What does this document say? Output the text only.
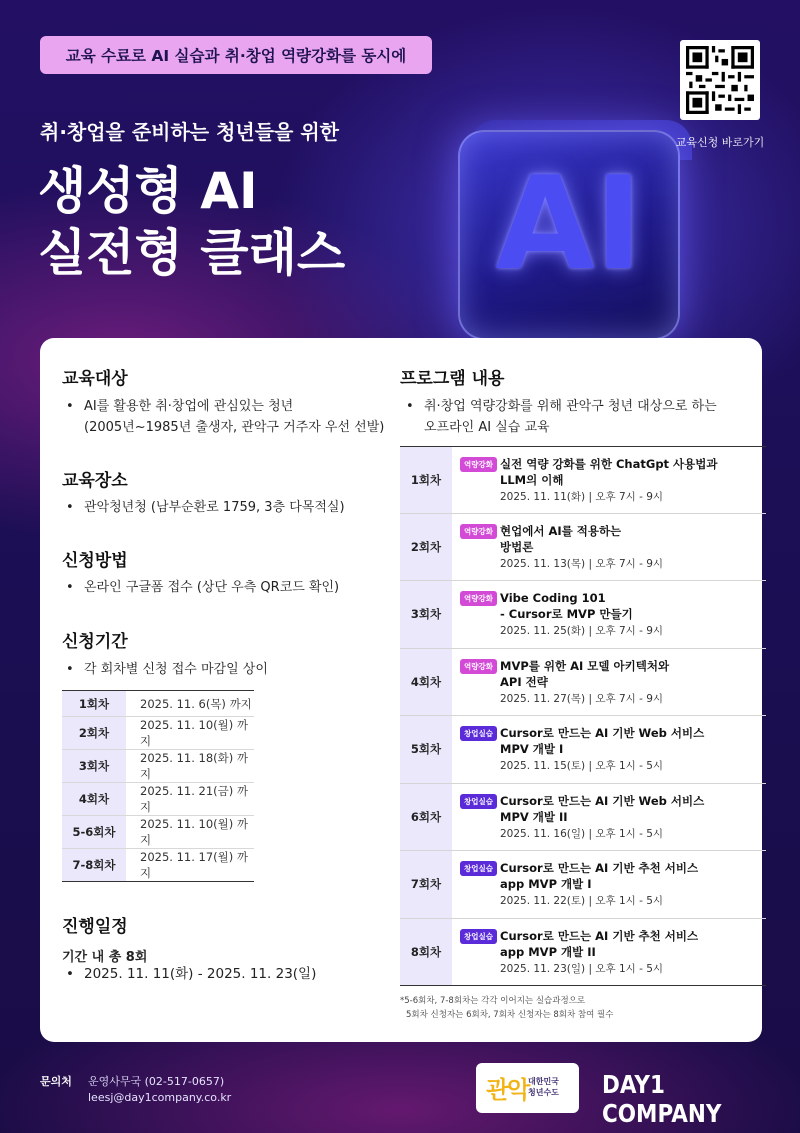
교육 수료로 AI 실습과 취·창업 역량강화를 동시에
취·창업을 준비하는 청년들을 위한
생성형 AI
실전형 클래스 AI
교육신청 바로가기
교육대상
• AI를 활용한 취·창업에 관심있는 청년
(2005년~1985년 출생자, 관악구 거주자 우선 선발)
교육장소
• 관악청년청 (남부순환로 1759, 3층 다목적실)
신청방법
• 온라인 구글폼 접수 (상단 우측 QR코드 확인)
신청기간
• 각 회차별 신청 접수 마감일 상이
1회차	2025. 11. 6(목) 까지
2회차	2025. 11. 10(월) 까지
3회차	2025. 11. 18(화) 까지
4회차	2025. 11. 21(금) 까지
5-6회차	2025. 11. 10(월) 까지
7-8회차	2025. 11. 17(월) 까지
진행일정
기간 내 총 8회
• 2025. 11. 11(화) - 2025. 11. 23(일)
프로그램 내용
• 취·창업 역량강화를 위해 관악구 청년 대상으로 하는
오프라인 AI 실습 교육
1회차
역량강화 실전 역량 강화를 위한 ChatGpt 사용법과
LLM의 이해
2025. 11. 11(화) | 오후 7시 - 9시
2회차
역량강화 현업에서 AI를 적용하는
방법론
2025. 11. 13(목) | 오후 7시 - 9시
3회차
역량강화 Vibe Coding 101
- Cursor로 MVP 만들기
2025. 11. 25(화) | 오후 7시 - 9시
4회차
역량강화 MVP를 위한 AI 모델 아키텍처와
API 전략
2025. 11. 27(목) | 오후 7시 - 9시
5회차
창업실습 Cursor로 만드는 AI 기반 Web 서비스
MPV 개발 I
2025. 11. 15(토) | 오후 1시 - 5시
6회차
창업실습 Cursor로 만드는 AI 기반 Web 서비스
MPV 개발 II
2025. 11. 16(일) | 오후 1시 - 5시
7회차
창업실습 Cursor로 만드는 AI 기반 추천 서비스
app MVP 개발 I
2025. 11. 22(토) | 오후 1시 - 5시
8회차
창업실습 Cursor로 만드는 AI 기반 추천 서비스
app MVP 개발 II
2025. 11. 23(일) | 오후 1시 - 5시
*5-6회차, 7-8회차는 각각 이어지는 실습과정으로
5회차 신청자는 6회차, 7회차 신청자는 8회차 참여 필수
문의처 운영사무국 (02-517-0657)
leesj@day1company.co.kr	관악 대한민국
청년수도 DAY1 COMPANY
